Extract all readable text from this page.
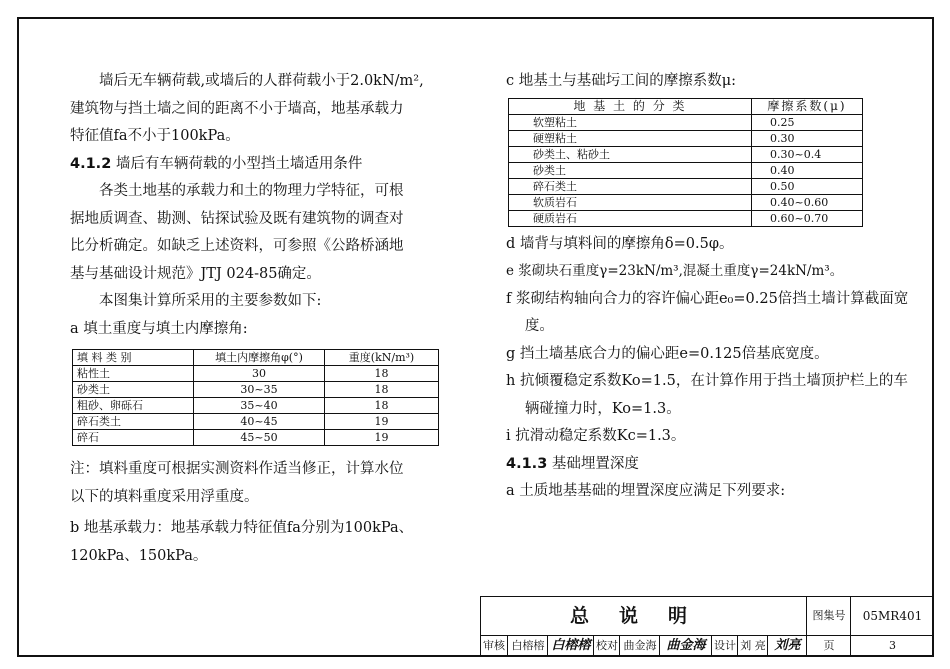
墙后无车辆荷载,或墙后的人群荷载小于2.0kN/m²,

建筑物与挡土墙之间的距离不小于墙高，地基承载力

特征值fa不小于100kPa。

4.1.2 墙后有车辆荷载的小型挡土墙适用条件

各类土地基的承载力和土的物理力学特征，可根

据地质调查、勘测、钻探试验及既有建筑物的调查对

比分析确定。如缺乏上述资料，可参照《公路桥涵地

基与基础设计规范》JTJ 024-85确定。

本图集计算所采用的主要参数如下:

a 填土重度与填土内摩擦角:

填 料 类 别	填土内摩擦角φ(°)	重度(kN/m³)
粘性土	30	18
砂类土	30~35	18
粗砂、卵砾石	35~40	18
碎石类土	40~45	19
碎石	45~50	19

注：填料重度可根据实测资料作适当修正，计算水位

以下的填料重度采用浮重度。

b 地基承载力：地基承载力特征值fa分别为100kPa、

120kPa、150kPa。

c 地基土与基础圬工间的摩擦系数μ:

地 基 土 的 分 类	摩擦系数(μ)
软塑粘土	0.25
硬塑粘土	0.30
砂类土、粘砂土	0.30~0.4
砂类土	0.40
碎石类土	0.50
软质岩石	0.40~0.60
硬质岩石	0.60~0.70

d 墙背与填料间的摩擦角δ=0.5φ。

e 浆砌块石重度γ=23kN/m³,混凝土重度γ=24kN/m³。

f 浆砌结构轴向合力的容许偏心距e₀=0.25倍挡土墙计算截面宽度。

g 挡土墙基底合力的偏心距e=0.125倍基底宽度。

h 抗倾覆稳定系数Ko=1.5，在计算作用于挡土墙顶护栏上的车辆碰撞力时，Ko=1.3。

i 抗滑动稳定系数Kc=1.3。

4.1.3 基础埋置深度

a 土质地基基础的埋置深度应满足下列要求:

总说明	图集号	05MR401
审核 白榕榕 白榕榕 校对 曲金海 曲金海 设计 刘 亮 刘亮	页	3
